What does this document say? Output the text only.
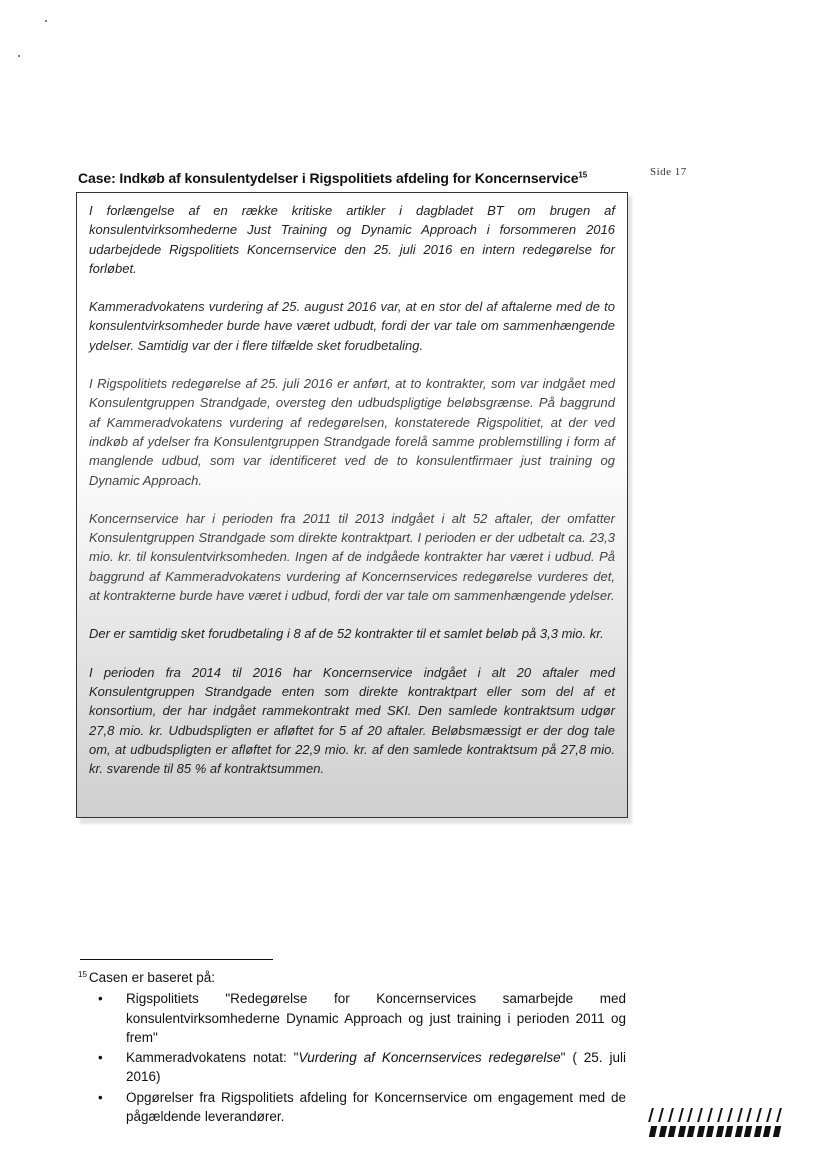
Side 17
Case: Indkøb af konsulentydelser i Rigspolitiets afdeling for Koncernservice$^{15}$

I forlængelse af en række kritiske artikler i dagbladet BT om brugen af konsulentvirksomhederne Just Training og Dynamic Approach i forsommeren 2016 udarbejdede Rigspolitiets Koncernservice den 25. juli 2016 en intern redegørelse for forløbet.

Kammeradvokatens vurdering af 25. august 2016 var, at en stor del af aftalerne med de to konsulentvirksomheder burde have været udbudt, fordi der var tale om sammenhængende ydelser. Samtidig var der i flere tilfælde sket forudbetaling.

I Rigspolitiets redegørelse af 25. juli 2016 er anført, at to kontrakter, som var indgået med Konsulentgruppen Strandgade, oversteg den udbudspligtige beløbsgrænse. På baggrund af Kammeradvokatens vurdering af redegørelsen, konstaterede Rigspolitiet, at der ved indkøb af ydelser fra Konsulentgruppen Strandgade forelå samme problemstilling i form af manglende udbud, som var identificeret ved de to konsulentfirmaer just training og Dynamic Approach.

Koncernservice har i perioden fra 2011 til 2013 indgået i alt 52 aftaler, der omfatter Konsulentgruppen Strandgade som direkte kontraktpart. I perioden er der udbetalt ca. 23,3 mio. kr. til konsulentvirksomheden. Ingen af de indgåede kontrakter har været i udbud. På baggrund af Kammeradvokatens vurdering af Koncernservices redegørelse vurderes det, at kontrakterne burde have været i udbud, fordi der var tale om sammenhængende ydelser.

Der er samtidig sket forudbetaling i 8 af de 52 kontrakter til et samlet beløb på 3,3 mio. kr.

I perioden fra 2014 til 2016 har Koncernservice indgået i alt 20 aftaler med Konsulentgruppen Strandgade enten som direkte kontraktpart eller som del af et konsortium, der har indgået rammekontrakt med SKI. Den samlede kontraktsum udgør 27,8 mio. kr. Udbudspligten er afløftet for 5 af 20 aftaler. Beløbsmæssigt er der dog tale om, at udbudspligten er afløftet for 22,9 mio. kr. af den samlede kontraktsum på 27,8 mio. kr. svarende til 85 % af kontraktsummen.

$^{15}$ Casen er baseret på:

• Rigspolitiets "Redegørelse for Koncernservices samarbejde med konsulentvirksomhederne Dynamic Approach og just training i perioden 2011 og frem"
• Kammeradvokatens notat: "Vurdering af Koncernservices redegørelse" ( 25. juli 2016)
• Opgørelser fra Rigspolitiets afdeling for Koncernservice om engagement med de pågældende leverandører.
